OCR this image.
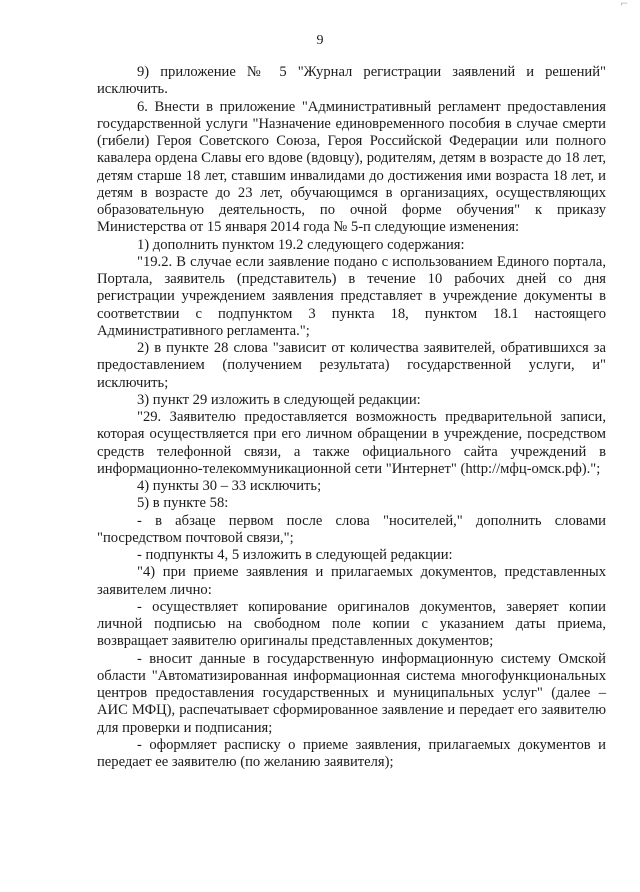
⌐
9

9) приложение № 5 "Журнал регистрации заявлений и решений" исключить.

6. Внести в приложение "Административный регламент предоставления государственной услуги "Назначение единовременного пособия в случае смерти (гибели) Героя Советского Союза, Героя Российской Федерации или полного кавалера ордена Славы его вдове (вдовцу), родителям, детям в возрасте до 18 лет, детям старше 18 лет, ставшим инвалидами до достижения ими возраста 18 лет, и детям в возрасте до 23 лет, обучающимся в организациях, осуществляющих образовательную деятельность, по очной форме обучения" к приказу Министерства от 15 января 2014 года № 5-п следующие изменения:

1) дополнить пунктом 19.2 следующего содержания:

"19.2. В случае если заявление подано с использованием Единого портала, Портала, заявитель (представитель) в течение 10 рабочих дней со дня регистрации учреждением заявления представляет в учреждение документы в соответствии с подпунктом 3 пункта 18, пунктом 18.1 настоящего Административного регламента.";

2) в пункте 28 слова "зависит от количества заявителей, обратившихся за предоставлением (получением результата) государственной услуги, и" исключить;

3) пункт 29 изложить в следующей редакции:

"29. Заявителю предоставляется возможность предварительной записи, которая осуществляется при его личном обращении в учреждение, посредством средств телефонной связи, а также официального сайта учреждений в информационно-телекоммуникационной сети "Интернет" (http://мфц-омск.рф).";

4) пункты 30 – 33 исключить;

5) в пункте 58:

- в абзаце первом после слова "носителей," дополнить словами "посредством почтовой связи,";

- подпункты 4, 5 изложить в следующей редакции:

"4) при приеме заявления и прилагаемых документов, представленных заявителем лично:

- осуществляет копирование оригиналов документов, заверяет копии личной подписью на свободном поле копии с указанием даты приема, возвращает заявителю оригиналы представленных документов;

- вносит данные в государственную информационную систему Омской области "Автоматизированная информационная система многофункциональных центров предоставления государственных и муниципальных услуг" (далее – АИС МФЦ), распечатывает сформированное заявление и передает его заявителю для проверки и подписания;

- оформляет расписку о приеме заявления, прилагаемых документов и передает ее заявителю (по желанию заявителя);
